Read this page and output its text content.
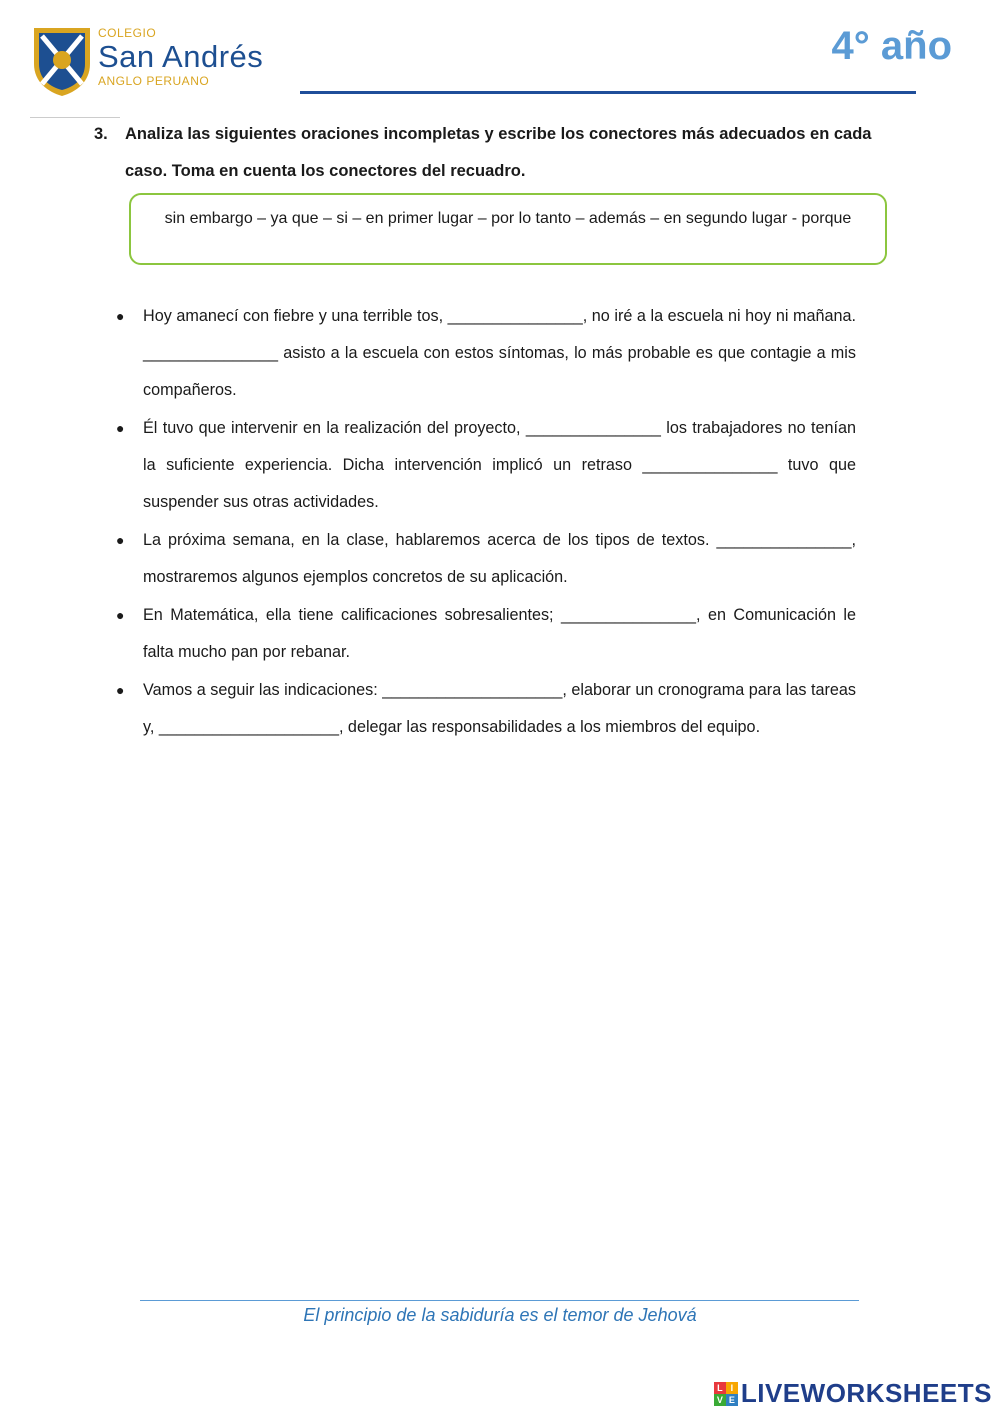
COLEGIO
San Andrés
ANGLO PERUANO
4° año
3. Analiza las siguientes oraciones incompletas y escribe los conectores más adecuados en cada caso. Toma en cuenta los conectores del recuadro.
sin embargo – ya que – si – en primer lugar – por lo tanto – además – en segundo lugar - porque
● Hoy amanecí con fiebre y una terrible tos, _______________, no iré a la escuela ni hoy ni mañana. _______________ asisto a la escuela con estos síntomas, lo más probable es que contagie a mis compañeros.
● Él tuvo que intervenir en la realización del proyecto, _______________ los trabajadores no tenían la suficiente experiencia. Dicha intervención implicó un retraso _______________ tuvo que suspender sus otras actividades.
● La próxima semana, en la clase, hablaremos acerca de los tipos de textos. _______________, mostraremos algunos ejemplos concretos de su aplicación.
● En Matemática, ella tiene calificaciones sobresalientes; _______________, en Comunicación le falta mucho pan por rebanar.
● Vamos a seguir las indicaciones: ____________________, elaborar un cronograma para las tareas y, ____________________, delegar las responsabilidades a los miembros del equipo.
El principio de la sabiduría es el temor de Jehová
L I
V E LIVEWORKSHEETS
